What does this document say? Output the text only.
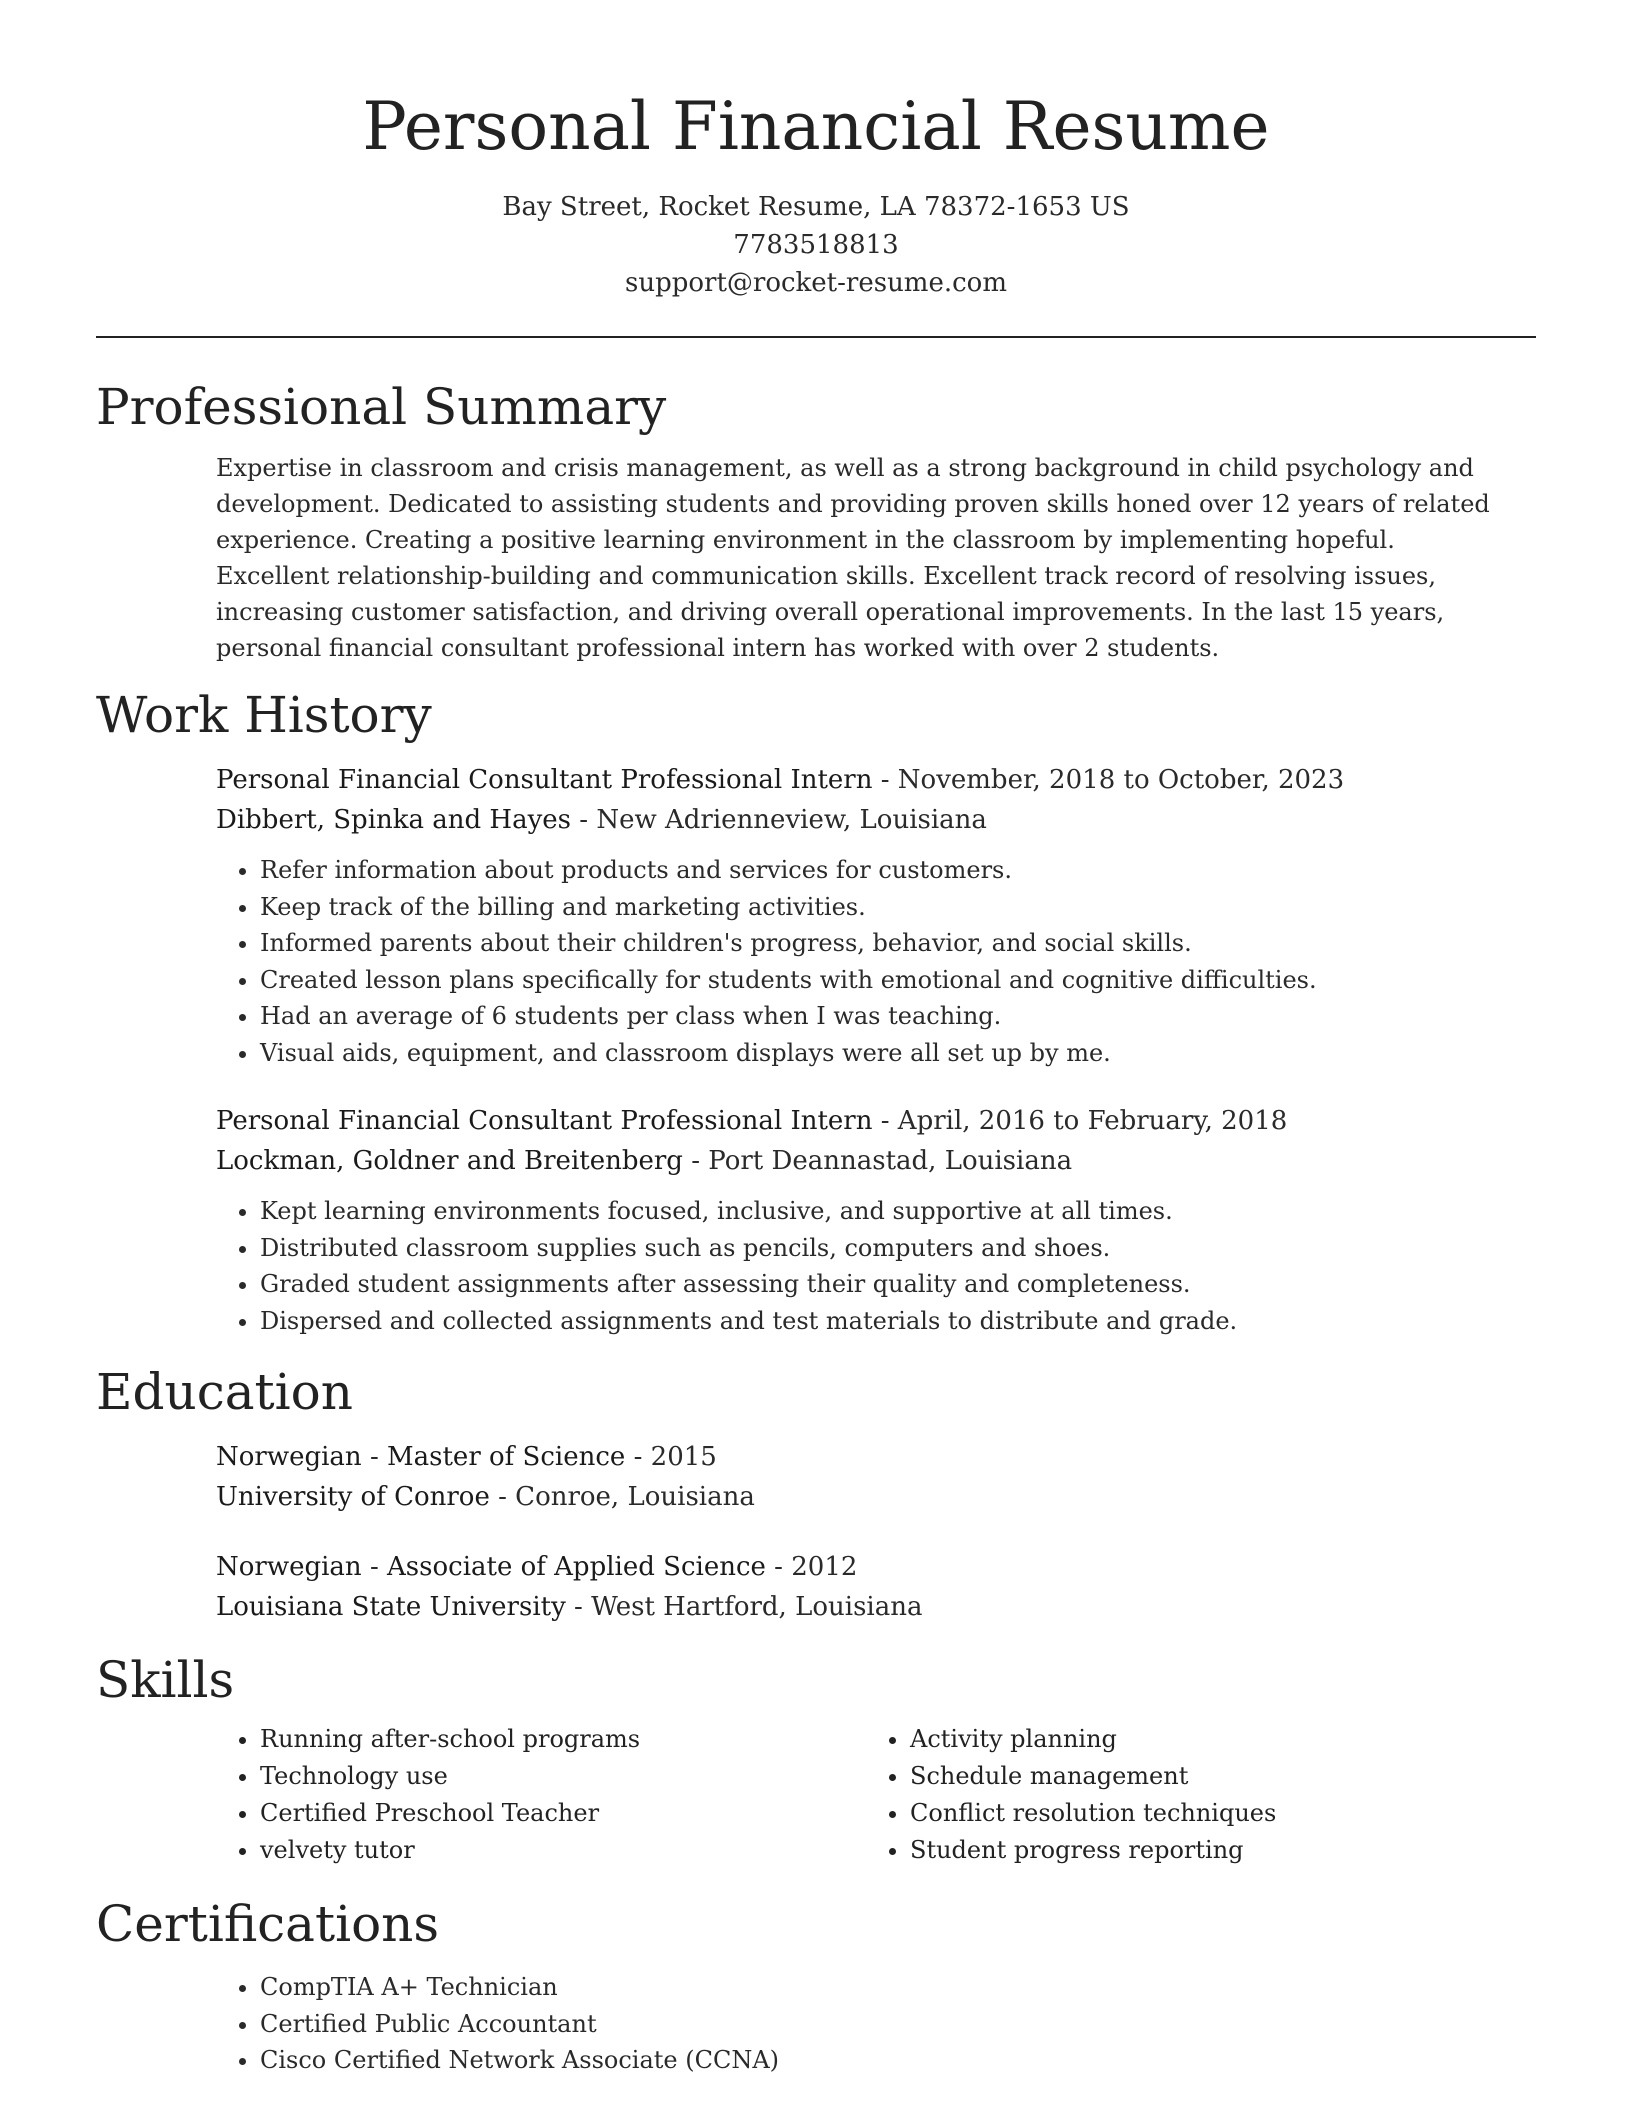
Personal Financial Resume
Bay Street, Rocket Resume, LA 78372-1653 US
7783518813
support@rocket-resume.com
Professional Summary

Expertise in classroom and crisis management, as well as a strong background in child psychology and development. Dedicated to assisting students and providing proven skills honed over 12 years of related experience. Creating a positive learning environment in the classroom by implementing hopeful. Excellent relationship-building and communication skills. Excellent track record of resolving issues, increasing customer satisfaction, and driving overall operational improvements. In the last 15 years, personal financial consultant professional intern has worked with over 2 students.

Work History
Personal Financial Consultant Professional Intern - November, 2018 to October, 2023
Dibbert, Spinka and Hayes - New Adrienneview, Louisiana
• Refer information about products and services for customers.
• Keep track of the billing and marketing activities.
• Informed parents about their children's progress, behavior, and social skills.
• Created lesson plans specifically for students with emotional and cognitive difficulties.
• Had an average of 6 students per class when I was teaching.
• Visual aids, equipment, and classroom displays were all set up by me.
Personal Financial Consultant Professional Intern - April, 2016 to February, 2018
Lockman, Goldner and Breitenberg - Port Deannastad, Louisiana
• Kept learning environments focused, inclusive, and supportive at all times.
• Distributed classroom supplies such as pencils, computers and shoes.
• Graded student assignments after assessing their quality and completeness.
• Dispersed and collected assignments and test materials to distribute and grade.
Education
Norwegian - Master of Science - 2015
University of Conroe - Conroe, Louisiana
Norwegian - Associate of Applied Science - 2012
Louisiana State University - West Hartford, Louisiana
Skills
• Running after-school programs
• Technology use
• Certified Preschool Teacher
• velvety tutor
• Activity planning
• Schedule management
• Conflict resolution techniques
• Student progress reporting
Certifications
• CompTIA A+ Technician
• Certified Public Accountant
• Cisco Certified Network Associate (CCNA)
